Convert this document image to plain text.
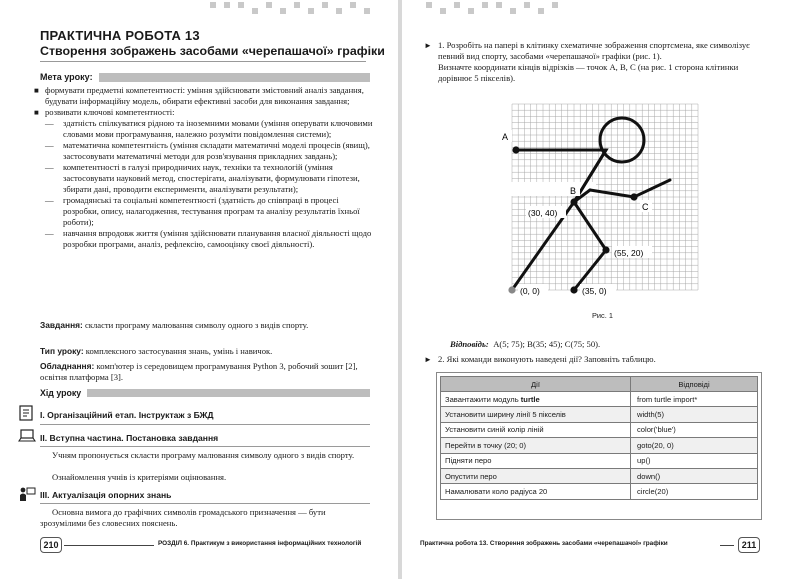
ПРАКТИЧНА РОБОТА 13
Створення зображень засобами «черепашачої» графіки
Мета уроку:
■ формувати предметні компетентності: уміння здійснювати змістовний аналіз завдання, будувати інформаційну модель, обирати ефективні засоби для виконання завдання;
■ розвивати ключові компетентності:
—	здатність спілкуватися рідною та іноземними мовами (уміння оперувати ключовими словами мови програмування, належно розуміти повідомлення системи);
—	математична компетентність (уміння складати математичні моделі процесів (явищ), застосовувати математичні методи для розв'язування прикладних завдань);
—	компетентності в галузі природничих наук, техніки та технологій (уміння застосовувати науковий метод, спостерігати, аналізувати, формулювати гіпотези, збирати дані, проводити експерименти, аналізувати результати);
—	громадянські та соціальні компетентності (здатність до співпраці в процесі розробки, опису, налагодження, тестування програм та аналізу результатів їхньої роботи);
—	навчання впродовж життя (уміння здійснювати планування власної діяльності щодо розробки програми, аналіз, рефлексію, самооцінку своєї діяльності).
Завдання: скласти програму малювання символу одного з видів спорту.
Тип уроку: комплексного застосування знань, умінь і навичок.
Обладнання: комп'ютер із середовищем програмування Python 3, робочий зошит [2], освітня платформа [3].
Хід уроку
I. Організаційний етап. Інструктаж з БЖД
II. Вступна частина. Постановка завдання
Учням пропонується скласти програму малювання символу одного з видів спорту.
Ознайомлення учнів із критеріями оцінювання.
III. Актуалізація опорних знань
Основна вимога до графічних символів громадського призначення — бути зрозумілими без словесних пояснень.
210	РОЗДІЛ 6. Практикум з використання інформаційних технологій
► 1. Розробіть на папері в клітинку схематичне зображення спортсмена, яке символізує певний вид спорту, засобами «черепашачої» графіки (рис. 1).
Визначте координати кінців відрізків — точок A, B, C (на рис. 1 сторона клітинки дорівнює 5 пікселів).
A
B
C
(30, 40)
(55, 20)
(0, 0)	(35, 0)
Рис. 1
Відповідь: A(5; 75); B(35; 45); C(75; 50).
► 2. Які команди виконують наведені дії? Заповніть таблицю.
Дії	Відповіді
Завантажити модуль turtle	from turtle import*
Установити ширину лінії 5 пікселів	width(5)
Установити синій колір ліній	color('blue')
Перейти в точку (20; 0)	goto(20, 0)
Підняти перо	up()
Опустити перо	down()
Намалювати коло радіуса 20	circle(20)
Практична робота 13. Створення зображень засобами «черепашачої» графіки	211
